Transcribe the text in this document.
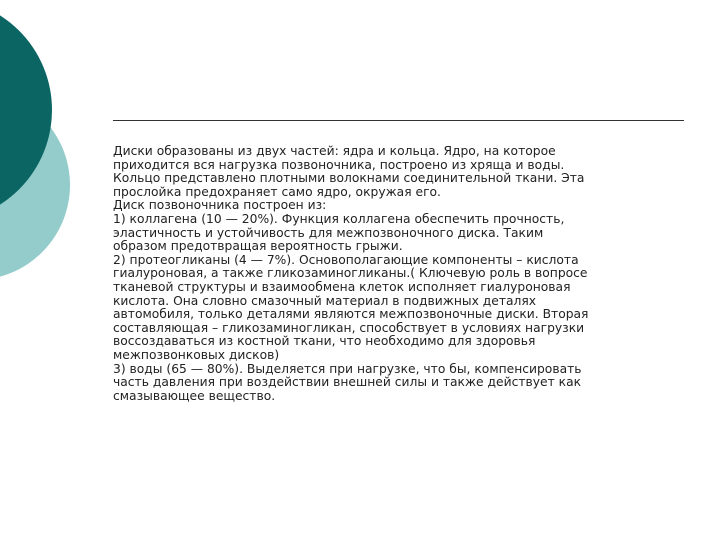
Диски образованы из двух частей: ядра и кольца. Ядро, на которое
приходится вся нагрузка позвоночника, построено из хряща и воды.
Кольцо представлено плотными волокнами соединительной ткани. Эта
прослойка предохраняет само ядро, окружая его.

Диск позвоночника построен из:

1) коллагена (10 — 20%). Функция коллагена обеспечить прочность,
эластичность и устойчивость для межпозвоночного диска. Таким
образом предотвращая вероятность грыжи.

2) протеогликаны (4 — 7%). Основополагающие компоненты – кислота
гиалуроновая, а также гликозаминогликаны.( Ключевую роль в вопросе
тканевой структуры и взаимообмена клеток исполняет гиалуроновая
кислота. Она словно смазочный материал в подвижных деталях
автомобиля, только деталями являются межпозвоночные диски. Вторая
составляющая – гликозаминогликан, способствует в условиях нагрузки
воссоздаваться из костной ткани, что необходимо для здоровья
межпозвонковых дисков)

3) воды (65 — 80%). Выделяется при нагрузке, что бы, компенсировать
часть давления при воздействии внешней силы и также действует как
смазывающее вещество.
